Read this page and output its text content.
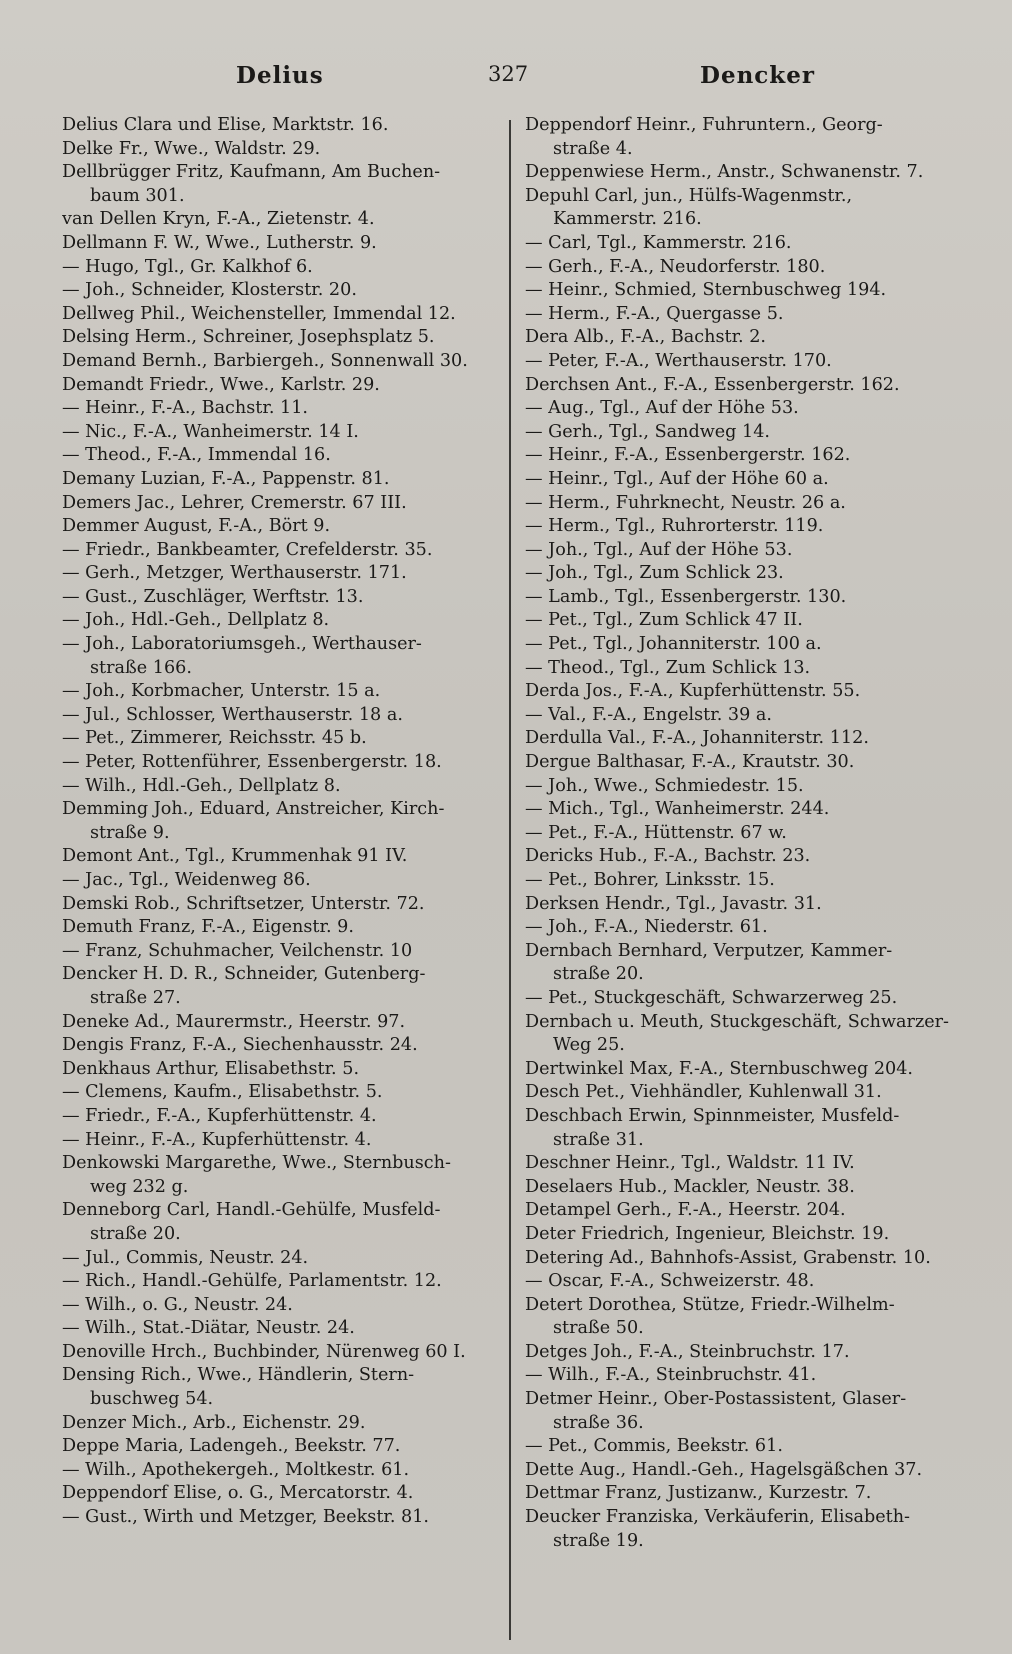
Delius	327	Dencker

Delius Clara und Elise, Marktstr. 16.

Delke Fr., Wwe., Waldstr. 29.

Dellbrügger Fritz, Kaufmann, Am Buchen-

baum 301.

van Dellen Kryn, F.-A., Zietenstr. 4.

Dellmann F. W., Wwe., Lutherstr. 9.

— Hugo, Tgl., Gr. Kalkhof 6.

— Joh., Schneider, Klosterstr. 20.

Dellweg Phil., Weichensteller, Immendal 12.

Delsing Herm., Schreiner, Josephsplatz 5.

Demand Bernh., Barbiergeh., Sonnenwall 30.

Demandt Friedr., Wwe., Karlstr. 29.

— Heinr., F.-A., Bachstr. 11.

— Nic., F.-A., Wanheimerstr. 14 I.

— Theod., F.-A., Immendal 16.

Demany Luzian, F.-A., Pappenstr. 81.

Demers Jac., Lehrer, Cremerstr. 67 III.

Demmer August, F.-A., Bört 9.

— Friedr., Bankbeamter, Crefelderstr. 35.

— Gerh., Metzger, Werthauserstr. 171.

— Gust., Zuschläger, Werftstr. 13.

— Joh., Hdl.-Geh., Dellplatz 8.

— Joh., Laboratoriumsgeh., Werthauser-

straße 166.

— Joh., Korbmacher, Unterstr. 15 a.

— Jul., Schlosser, Werthauserstr. 18 a.

— Pet., Zimmerer, Reichsstr. 45 b.

— Peter, Rottenführer, Essenbergerstr. 18.

— Wilh., Hdl.-Geh., Dellplatz 8.

Demming Joh., Eduard, Anstreicher, Kirch-

straße 9.

Demont Ant., Tgl., Krummenhak 91 IV.

— Jac., Tgl., Weidenweg 86.

Demski Rob., Schriftsetzer, Unterstr. 72.

Demuth Franz, F.-A., Eigenstr. 9.

— Franz, Schuhmacher, Veilchenstr. 10

Dencker H. D. R., Schneider, Gutenberg-

straße 27.

Deneke Ad., Maurermstr., Heerstr. 97.

Dengis Franz, F.-A., Siechenhausstr. 24.

Denkhaus Arthur, Elisabethstr. 5.

— Clemens, Kaufm., Elisabethstr. 5.

— Friedr., F.-A., Kupferhüttenstr. 4.

— Heinr., F.-A., Kupferhüttenstr. 4.

Denkowski Margarethe, Wwe., Sternbusch-

weg 232 g.

Denneborg Carl, Handl.-Gehülfe, Musfeld-

straße 20.

— Jul., Commis, Neustr. 24.

— Rich., Handl.-Gehülfe, Parlamentstr. 12.

— Wilh., o. G., Neustr. 24.

— Wilh., Stat.-Diätar, Neustr. 24.

Denoville Hrch., Buchbinder, Nürenweg 60 I.

Densing Rich., Wwe., Händlerin, Stern-

buschweg 54.

Denzer Mich., Arb., Eichenstr. 29.

Deppe Maria, Ladengeh., Beekstr. 77.

— Wilh., Apothekergeh., Moltkestr. 61.

Deppendorf Elise, o. G., Mercatorstr. 4.

— Gust., Wirth und Metzger, Beekstr. 81.

Deppendorf Heinr., Fuhruntern., Georg-

straße 4.

Deppenwiese Herm., Anstr., Schwanenstr. 7.

Depuhl Carl, jun., Hülfs-Wagenmstr.,

Kammerstr. 216.

— Carl, Tgl., Kammerstr. 216.

— Gerh., F.-A., Neudorferstr. 180.

— Heinr., Schmied, Sternbuschweg 194.

— Herm., F.-A., Quergasse 5.

Dera Alb., F.-A., Bachstr. 2.

— Peter, F.-A., Werthauserstr. 170.

Derchsen Ant., F.-A., Essenbergerstr. 162.

— Aug., Tgl., Auf der Höhe 53.

— Gerh., Tgl., Sandweg 14.

— Heinr., F.-A., Essenbergerstr. 162.

— Heinr., Tgl., Auf der Höhe 60 a.

— Herm., Fuhrknecht, Neustr. 26 a.

— Herm., Tgl., Ruhrorterstr. 119.

— Joh., Tgl., Auf der Höhe 53.

— Joh., Tgl., Zum Schlick 23.

— Lamb., Tgl., Essenbergerstr. 130.

— Pet., Tgl., Zum Schlick 47 II.

— Pet., Tgl., Johanniterstr. 100 a.

— Theod., Tgl., Zum Schlick 13.

Derda Jos., F.-A., Kupferhüttenstr. 55.

— Val., F.-A., Engelstr. 39 a.

Derdulla Val., F.-A., Johanniterstr. 112.

Dergue Balthasar, F.-A., Krautstr. 30.

— Joh., Wwe., Schmiedestr. 15.

— Mich., Tgl., Wanheimerstr. 244.

— Pet., F.-A., Hüttenstr. 67 w.

Dericks Hub., F.-A., Bachstr. 23.

— Pet., Bohrer, Linksstr. 15.

Derksen Hendr., Tgl., Javastr. 31.

— Joh., F.-A., Niederstr. 61.

Dernbach Bernhard, Verputzer, Kammer-

straße 20.

— Pet., Stuckgeschäft, Schwarzerweg 25.

Dernbach u. Meuth, Stuckgeschäft, Schwarzer-

Weg 25.

Dertwinkel Max, F.-A., Sternbuschweg 204.

Desch Pet., Viehhändler, Kuhlenwall 31.

Deschbach Erwin, Spinnmeister, Musfeld-

straße 31.

Deschner Heinr., Tgl., Waldstr. 11 IV.

Deselaers Hub., Mackler, Neustr. 38.

Detampel Gerh., F.-A., Heerstr. 204.

Deter Friedrich, Ingenieur, Bleichstr. 19.

Detering Ad., Bahnhofs-Assist, Grabenstr. 10.

— Oscar, F.-A., Schweizerstr. 48.

Detert Dorothea, Stütze, Friedr.-Wilhelm-

straße 50.

Detges Joh., F.-A., Steinbruchstr. 17.

— Wilh., F.-A., Steinbruchstr. 41.

Detmer Heinr., Ober-Postassistent, Glaser-

straße 36.

— Pet., Commis, Beekstr. 61.

Dette Aug., Handl.-Geh., Hagelsgäßchen 37.

Dettmar Franz, Justizanw., Kurzestr. 7.

Deucker Franziska, Verkäuferin, Elisabeth-

straße 19.
